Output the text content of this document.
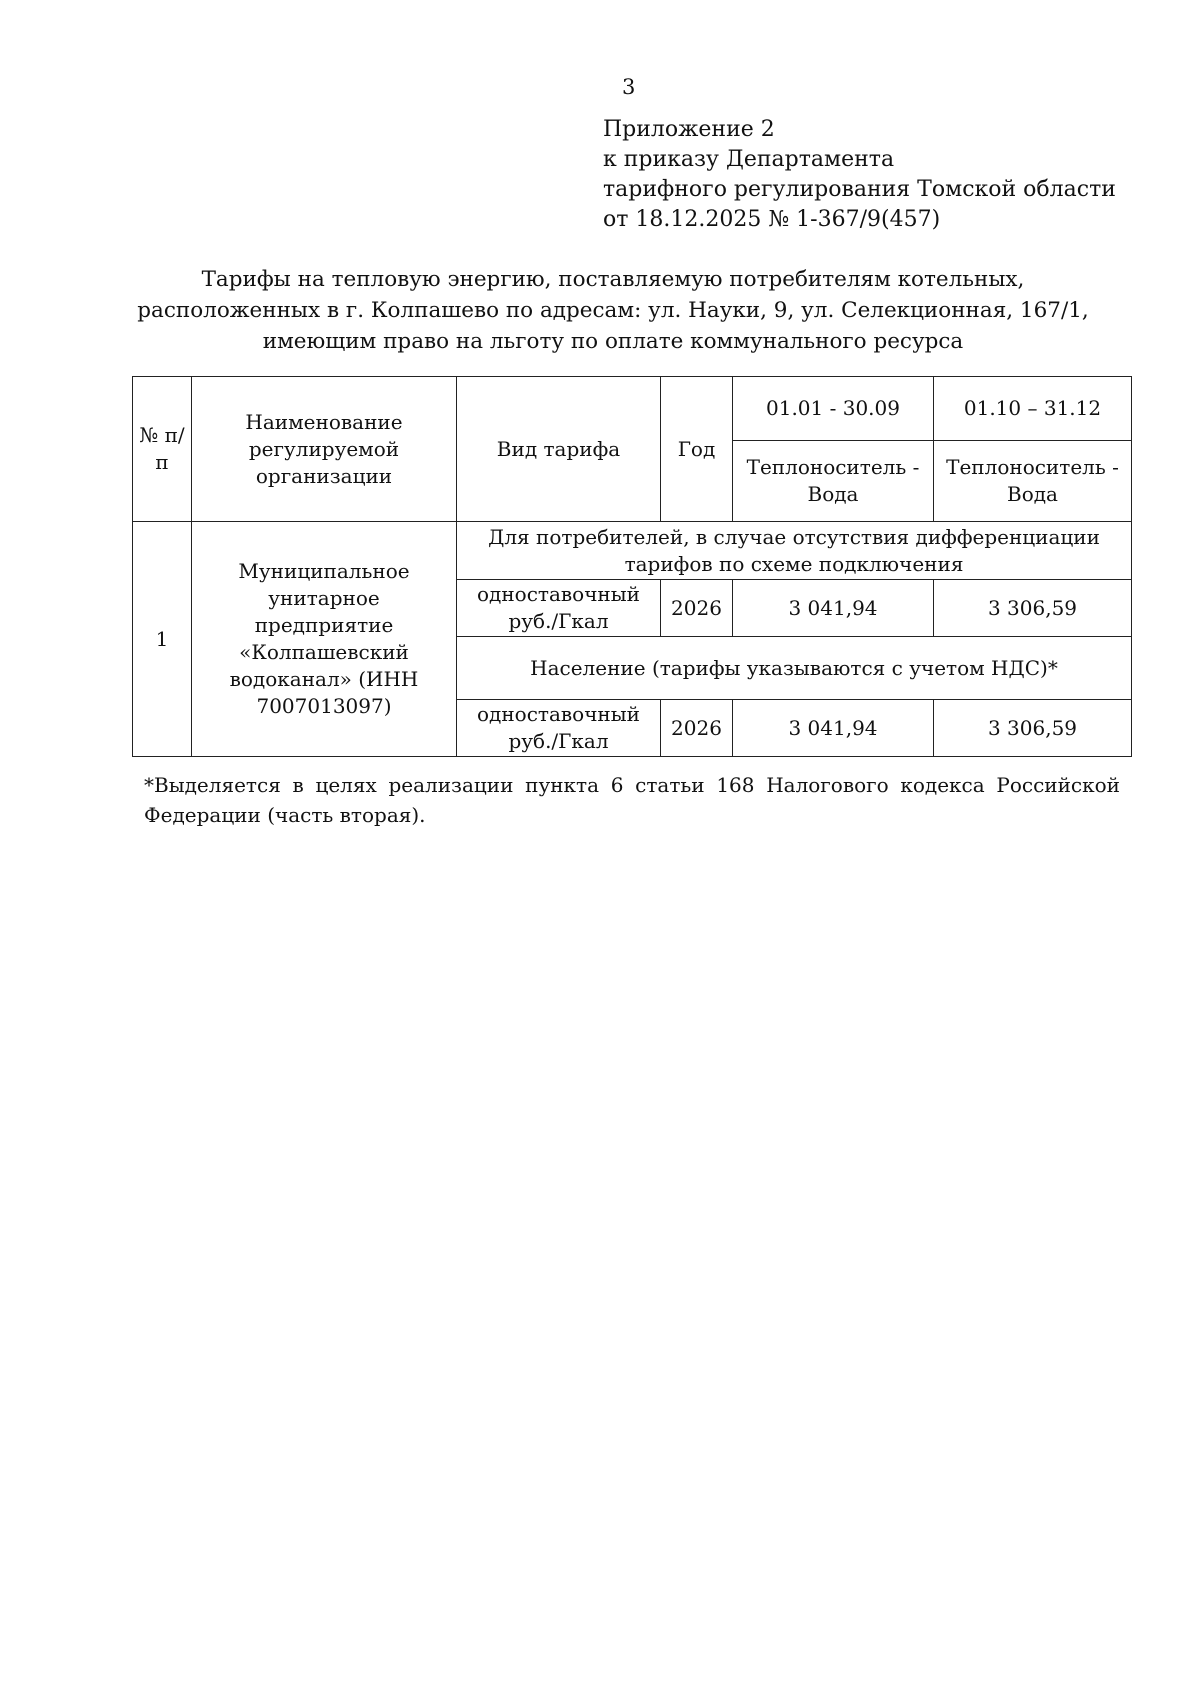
3
Приложение 2
к приказу Департамента
тарифного регулирования Томской области
от 18.12.2025 № 1-367/9(457)
Тарифы на тепловую энергию, поставляемую потребителям котельных,
расположенных в г. Колпашево по адресам: ул. Науки, 9, ул. Селекционная, 167/1,
имеющим право на льготу по оплате коммунального ресурса
№ п/п	Наименование регулируемой организации	Вид тарифа	Год	01.01 - 30.09	01.10 – 31.12
				Теплоноситель - Вода	Теплоноситель - Вода
1	Муниципальное унитарное предприятие «Колпашевский водоканал» (ИНН 7007013097)	Для потребителей, в случае отсутствия дифференциации тарифов по схеме подключения			
		одноставочный руб./Гкал	2026	3 041,94	3 306,59
		Население (тарифы указываются с учетом НДС)*			
		одноставочный руб./Гкал	2026	3 041,94	3 306,59
*Выделяется в целях реализации пункта 6 статьи 168 Налогового кодекса Российской Федерации (часть вторая).
